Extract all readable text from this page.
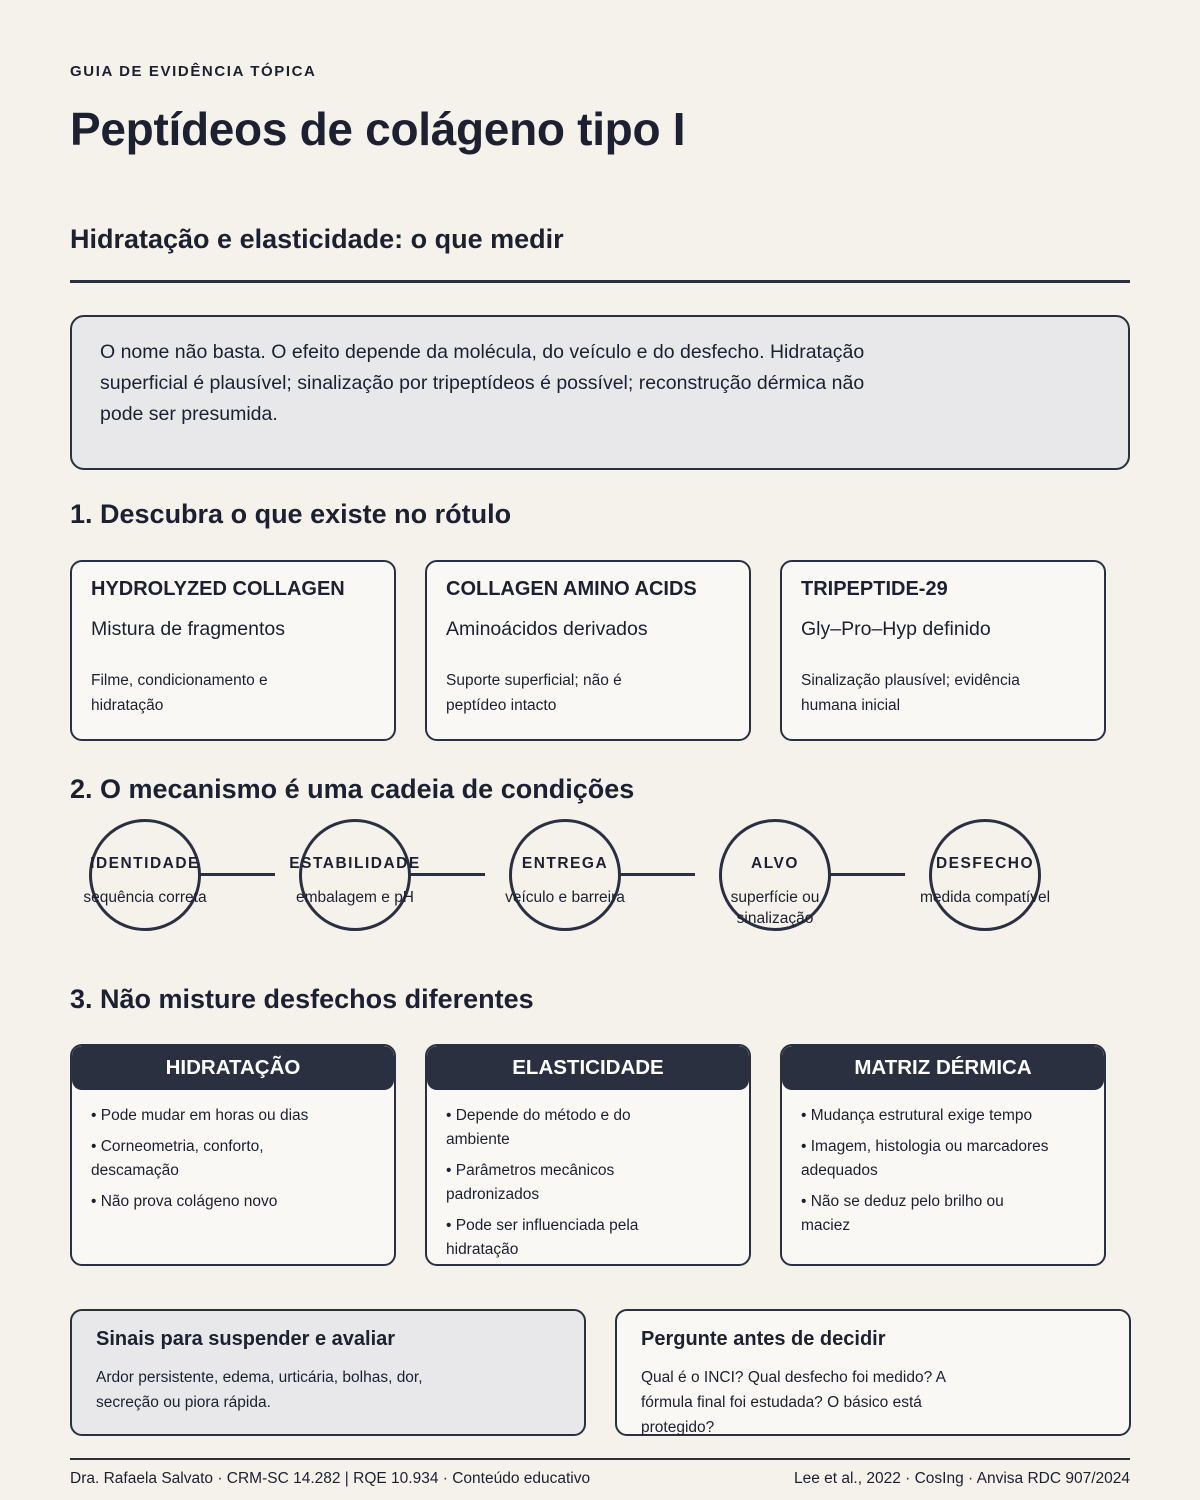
GUIA DE EVIDÊNCIA TÓPICA
Peptídeos de colágeno tipo I
Hidratação e elasticidade: o que medir

O nome não basta. O efeito depende da molécula, do veículo e do desfecho. Hidratação superficial é plausível; sinalização por tripeptídeos é possível; reconstrução dérmica não pode ser presumida.

1. Descubra o que existe no rótulo
HYDROLYZED COLLAGEN
Mistura de fragmentos
Filme, condicionamento e hidratação
COLLAGEN AMINO ACIDS
Aminoácidos derivados
Suporte superficial; não é peptídeo intacto
TRIPEPTIDE-29
Gly–Pro–Hyp definido
Sinalização plausível; evidência humana inicial
2. O mecanismo é uma cadeia de condições
IDENTIDADE
sequência correta
ESTABILIDADE
embalagem e pH
ENTREGA
veículo e barreira
ALVO
superfície ou sinalização
DESFECHO
medida compatível
3. Não misture desfechos diferentes
HIDRATAÇÃO
• Pode mudar em horas ou dias
• Corneometria, conforto, descamação
• Não prova colágeno novo
ELASTICIDADE
• Depende do método e do ambiente
• Parâmetros mecânicos padronizados
• Pode ser influenciada pela hidratação
MATRIZ DÉRMICA
• Mudança estrutural exige tempo
• Imagem, histologia ou marcadores adequados
• Não se deduz pelo brilho ou maciez
Sinais para suspender e avaliar

Ardor persistente, edema, urticária, bolhas, dor, secreção ou piora rápida.

Pergunte antes de decidir

Qual é o INCI? Qual desfecho foi medido? A fórmula final foi estudada? O básico está protegido?

Dra. Rafaela Salvato · CRM-SC 14.282 | RQE 10.934 · Conteúdo educativo	Lee et al., 2022 · CosIng · Anvisa RDC 907/2024
